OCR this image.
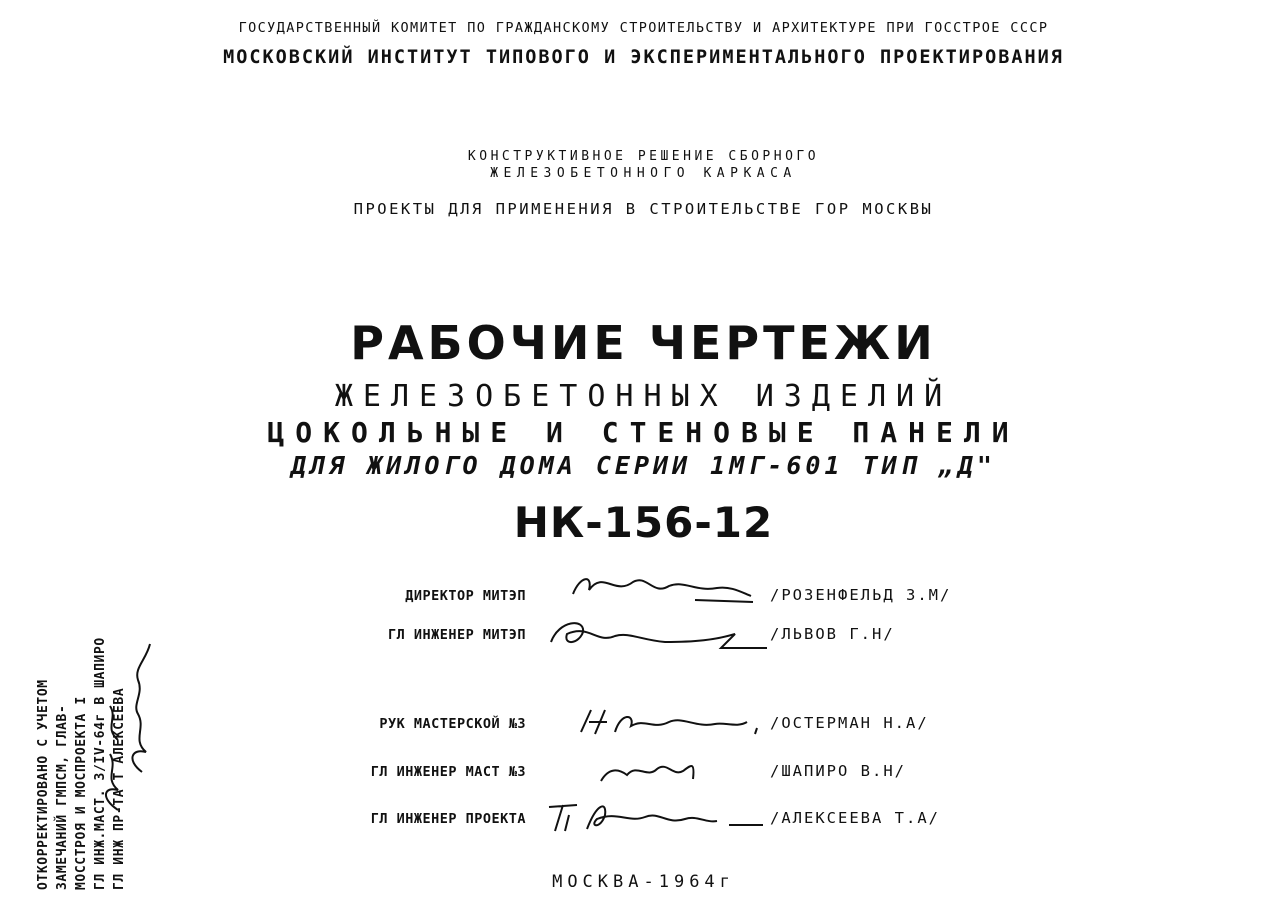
ГОСУДАРСТВЕННЫЙ КОМИТЕТ ПО ГРАЖДАНСКОМУ СТРОИТЕЛЬСТВУ И АРХИТЕКТУРЕ ПРИ ГОССТРОЕ СССР
МОСКОВСКИЙ ИНСТИТУТ ТИПОВОГО И ЭКСПЕРИМЕНТАЛЬНОГО ПРОЕКТИРОВАНИЯ
КОНСТРУКТИВНОЕ РЕШЕНИЕ СБОРНОГО
ЖЕЛЕЗОБЕТОННОГО КАРКАСА
ПРОЕКТЫ ДЛЯ ПРИМЕНЕНИЯ В СТРОИТЕЛЬСТВЕ ГОР МОСКВЫ
РАБОЧИЕ ЧЕРТЕЖИ
ЖЕЛЕЗОБЕТОННЫХ ИЗДЕЛИЙ
ЦОКОЛЬНЫЕ И СТЕНОВЫЕ ПАНЕЛИ
ДЛЯ ЖИЛОГО ДОМА СЕРИИ 1МГ-601 ТИП „Д"
НК-156-12
ДИРЕКТОР МИТЭП	/РОЗЕНФЕЛЬД З.М/
ГЛ ИНЖЕНЕР МИТЭП	/ЛЬВОВ Г.Н/
РУК МАСТЕРСКОЙ №3	/ОСТЕРМАН Н.А/
ГЛ ИНЖЕНЕР МАСТ №3	/ШАПИРО В.Н/
ГЛ ИНЖЕНЕР ПРОЕКТА	/АЛЕКСЕЕВА Т.А/
ОТКОРРЕКТИРОВАНО С УЧЕТОМ ЗАМЕЧАНИЙ ГМПСМ, ГЛАВ- МОССТРОЯ И МОСПРОЕКТА I ГЛ ИНЖ.МАСТ. 3/IV-64г В ШАПИРО ГЛ ИНЖ ПР-ТА Т АЛЕКСЕЕВА	МОСКВА-1964г
